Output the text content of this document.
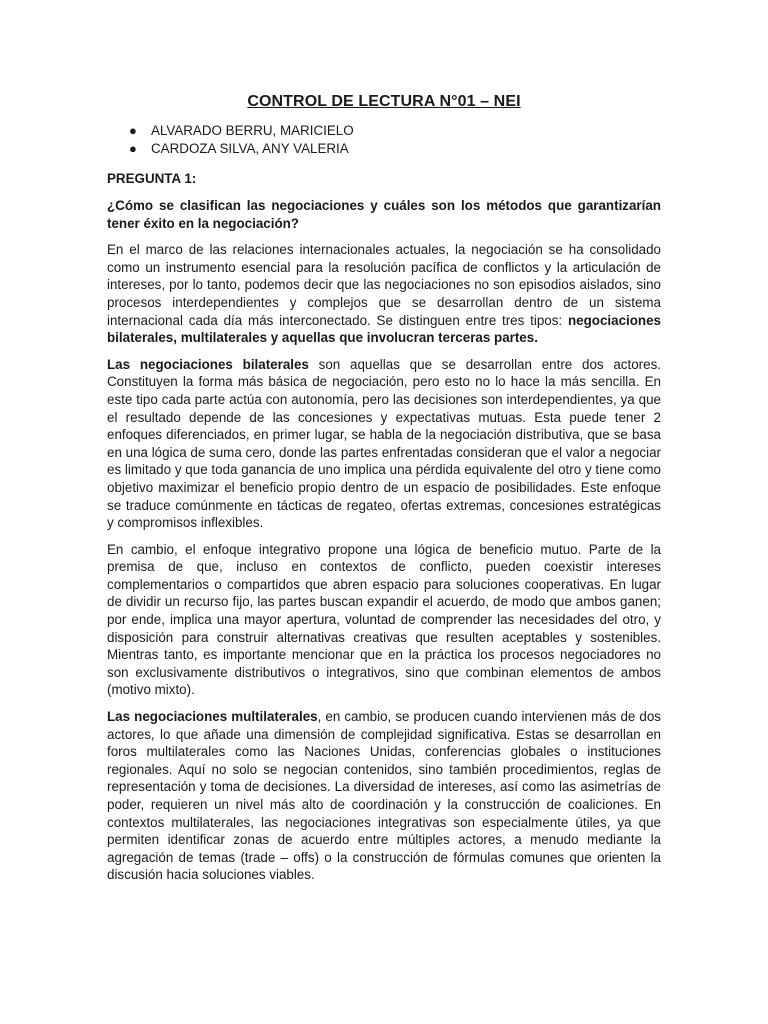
CONTROL DE LECTURA N°01 – NEI
● ALVARADO BERRU, MARICIELO
● CARDOZA SILVA, ANY VALERIA
PREGUNTA 1:
¿Cómo se clasifican las negociaciones y cuáles son los métodos que garantizarían tener éxito en la negociación?

En el marco de las relaciones internacionales actuales, la negociación se ha consolidado como un instrumento esencial para la resolución pacífica de conflictos y la articulación de intereses, por lo tanto, podemos decir que las negociaciones no son episodios aislados, sino procesos interdependientes y complejos que se desarrollan dentro de un sistema internacional cada día más interconectado. Se distinguen entre tres tipos: negociaciones bilaterales, multilaterales y aquellas que involucran terceras partes.

Las negociaciones bilaterales son aquellas que se desarrollan entre dos actores. Constituyen la forma más básica de negociación, pero esto no lo hace la más sencilla. En este tipo cada parte actúa con autonomía, pero las decisiones son interdependientes, ya que el resultado depende de las concesiones y expectativas mutuas. Esta puede tener 2 enfoques diferenciados, en primer lugar, se habla de la negociación distributiva, que se basa en una lógica de suma cero, donde las partes enfrentadas consideran que el valor a negociar es limitado y que toda ganancia de uno implica una pérdida equivalente del otro y tiene como objetivo maximizar el beneficio propio dentro de un espacio de posibilidades. Este enfoque se traduce comúnmente en tácticas de regateo, ofertas extremas, concesiones estratégicas y compromisos inflexibles.

En cambio, el enfoque integrativo propone una lógica de beneficio mutuo. Parte de la premisa de que, incluso en contextos de conflicto, pueden coexistir intereses complementarios o compartidos que abren espacio para soluciones cooperativas. En lugar de dividir un recurso fijo, las partes buscan expandir el acuerdo, de modo que ambos ganen; por ende, implica una mayor apertura, voluntad de comprender las necesidades del otro, y disposición para construir alternativas creativas que resulten aceptables y sostenibles. Mientras tanto, es importante mencionar que en la práctica los procesos negociadores no son exclusivamente distributivos o integrativos, sino que combinan elementos de ambos (motivo mixto).

Las negociaciones multilaterales, en cambio, se producen cuando intervienen más de dos actores, lo que añade una dimensión de complejidad significativa. Estas se desarrollan en foros multilaterales como las Naciones Unidas, conferencias globales o instituciones regionales. Aquí no solo se negocian contenidos, sino también procedimientos, reglas de representación y toma de decisiones. La diversidad de intereses, así como las asimetrías de poder, requieren un nivel más alto de coordinación y la construcción de coaliciones. En contextos multilaterales, las negociaciones integrativas son especialmente útiles, ya que permiten identificar zonas de acuerdo entre múltiples actores, a menudo mediante la agregación de temas (trade – offs) o la construcción de fórmulas comunes que orienten la discusión hacia soluciones viables.
